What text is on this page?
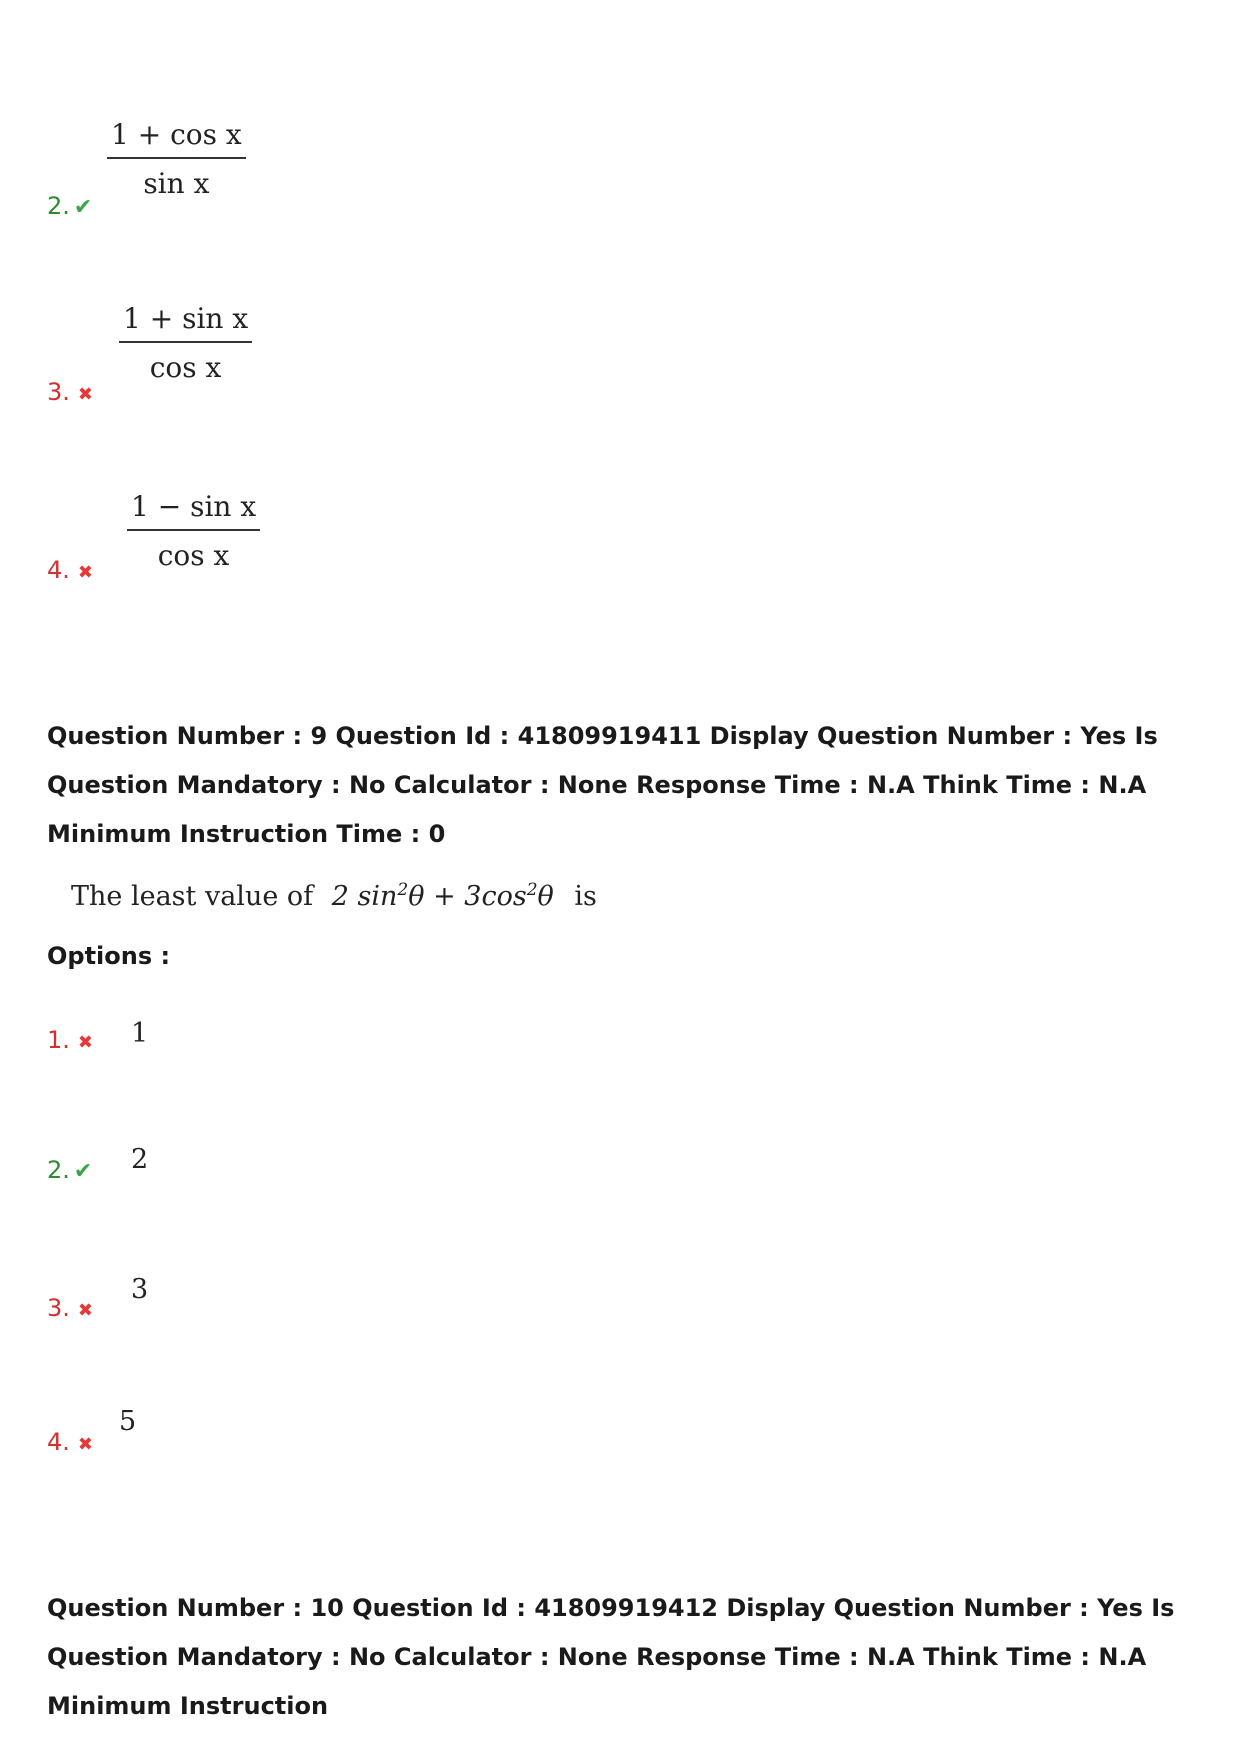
2. ✔
$\frac{\text{1 + cos x}}{\text{sin x}}$
3. ✖
$\frac{\text{1 + sin x}}{\text{cos x}}$
4. ✖
$\frac{\text{1 − sin x}}{\text{cos x}}$
Question Number : 9 Question Id : 41809919411 Display Question Number : Yes Is Question Mandatory : No Calculator : None Response Time : N.A Think Time : N.A Minimum Instruction Time : 0
The least value of 2 $\sin^2\theta + 3\cos^2\theta$ is
Options :
1. ✖ 1
2. ✔ 2
3. ✖
3
4. ✖
5
Question Number : 10 Question Id : 41809919412 Display Question Number : Yes Is Question Mandatory : No Calculator : None Response Time : N.A Think Time : N.A Minimum Instruction
